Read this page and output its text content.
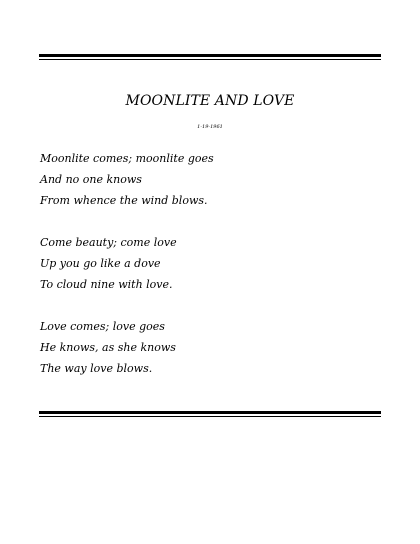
MOONLITE AND LOVE
1-19-1961
Moonlite comes; moonlite goes
And no one knows
From whence the wind blows.
Come beauty; come love
Up you go like a dove
To cloud nine with love.
Love comes; love goes
He knows, as she knows
The way love blows.
